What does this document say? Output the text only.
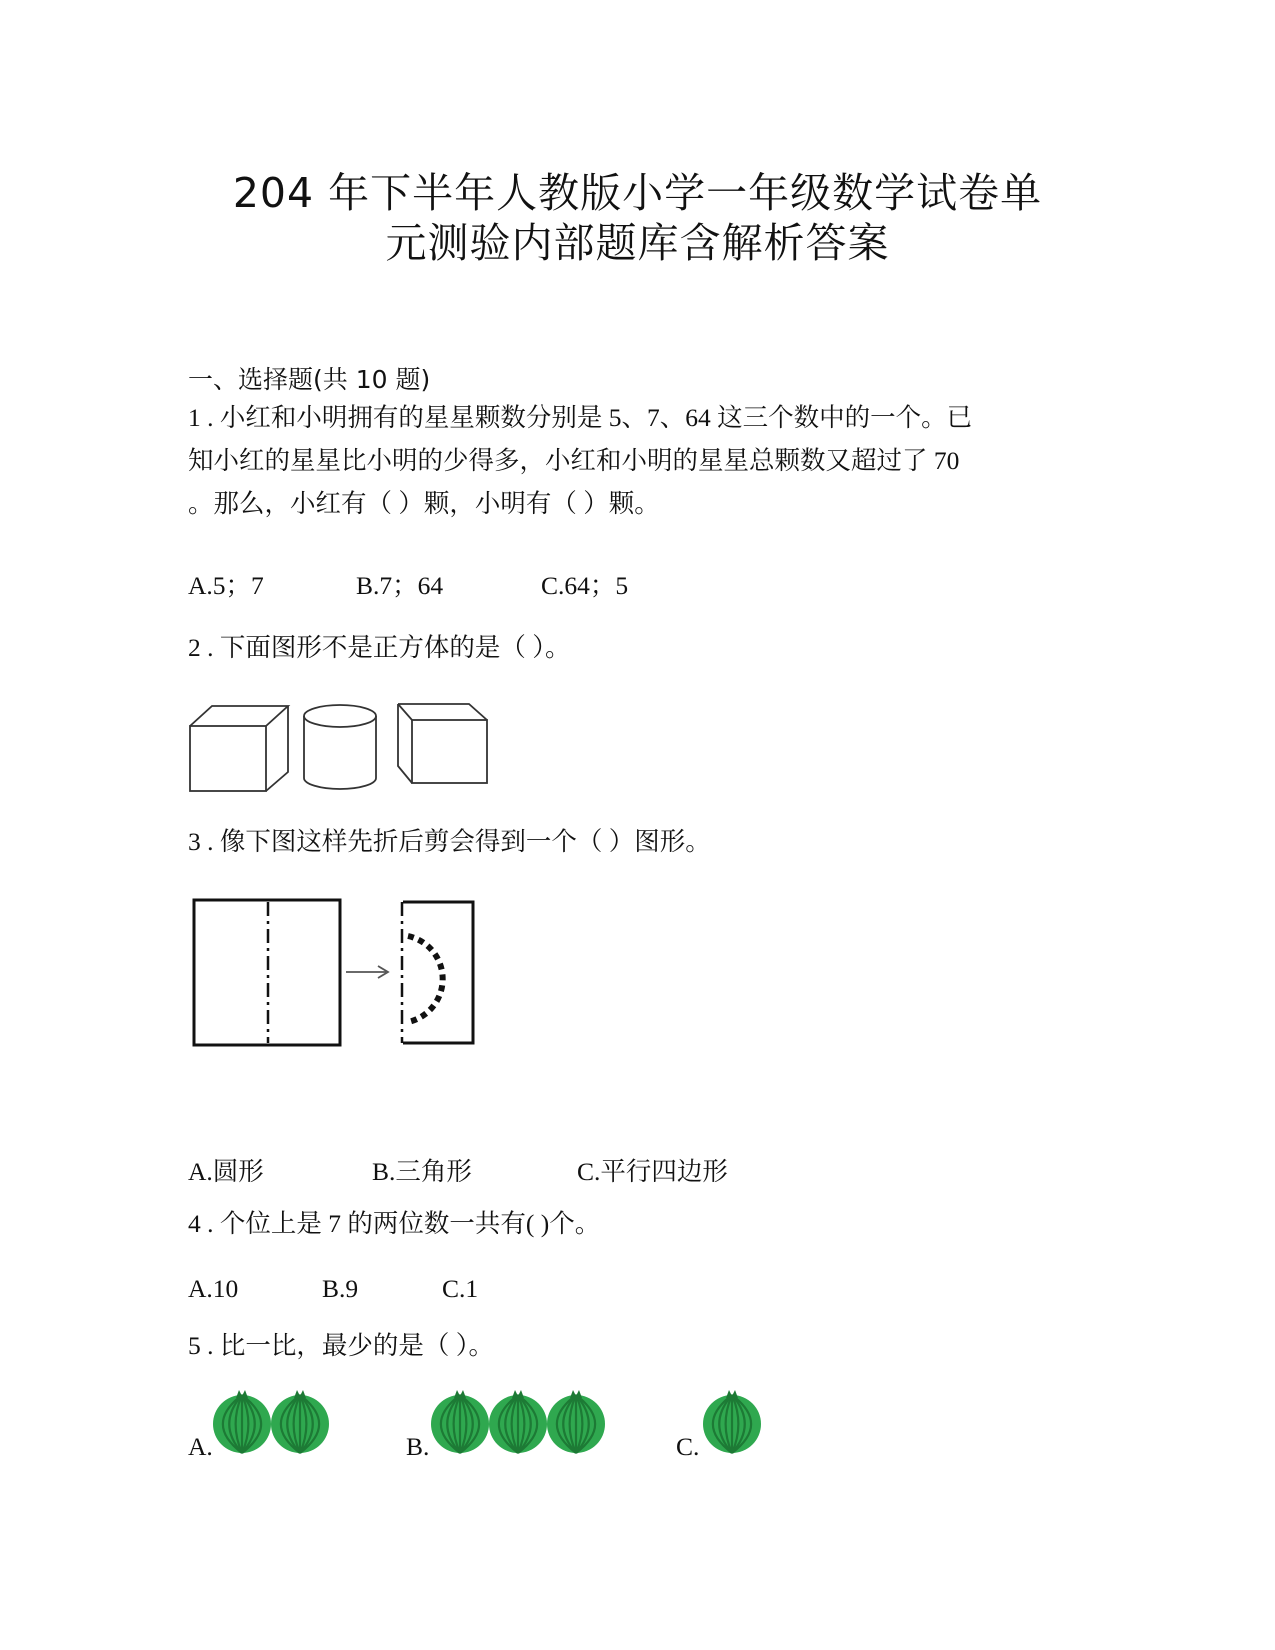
204 年下半年人教版小学一年级数学试卷单
元测验内部题库含解析答案
一、选择题(共 10 题)
1 . 小红和小明拥有的星星颗数分别是 5、7、64 这三个数中的一个。已
知小红的星星比小明的少得多，小红和小明的星星总颗数又超过了 70
。那么，小红有（ ）颗，小明有（ ）颗。
A.5；7	B.7；64	C.64；5
2 . 下面图形不是正方体的是（ ）。
3 . 像下图这样先折后剪会得到一个（ ）图形。
A.圆形	B.三角形	C.平行四边形
4 . 个位上是 7 的两位数一共有( )个。
A.10	B.9	C.1
5 . 比一比，最少的是（ ）。
A.	B.	C.
